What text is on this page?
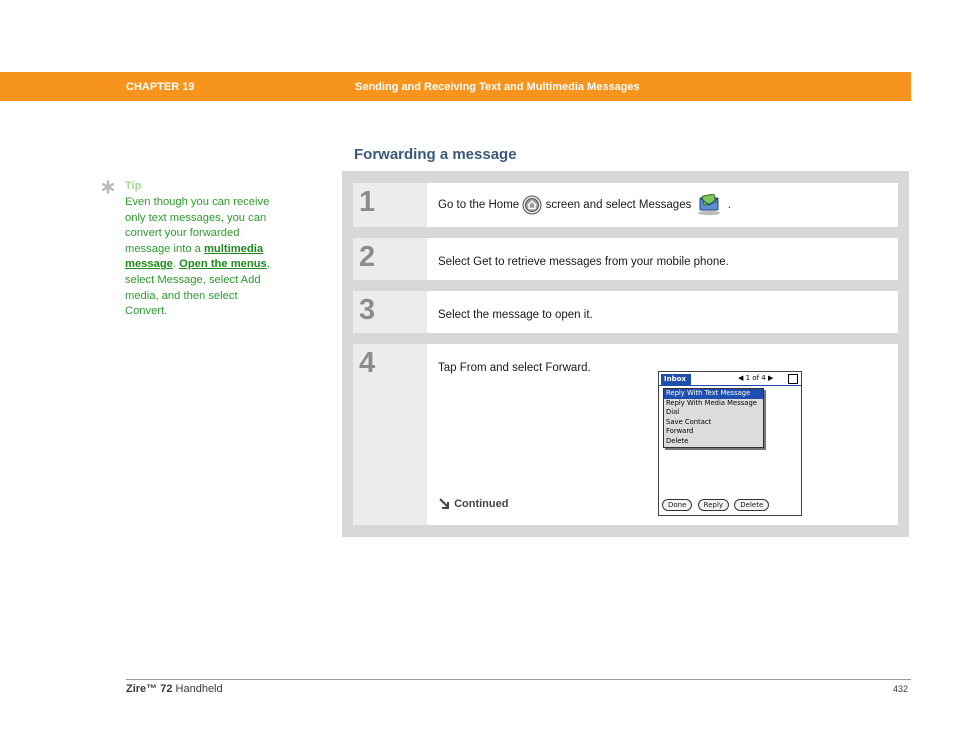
CHAPTER 19	Sending and Receiving Text and Multimedia Messages
Forwarding a message
Tip
Even though you can receive only text messages, you can convert your forwarded message into a multimedia message. Open the menus, select Message, select Add media, and then select Convert.
1	Go to the Home screen and select Messages	.
2	Select Get to retrieve messages from your mobile phone.
3	Select the message to open it.
4	Tap From and select Forward.
Inbox	◀ 1 of 4 ▶
Reply With Text Message
Reply With Media Message
Dial
Save Contact
Forward
Delete
Done Reply Delete
Continued
Zire™ 72 Handheld	432
